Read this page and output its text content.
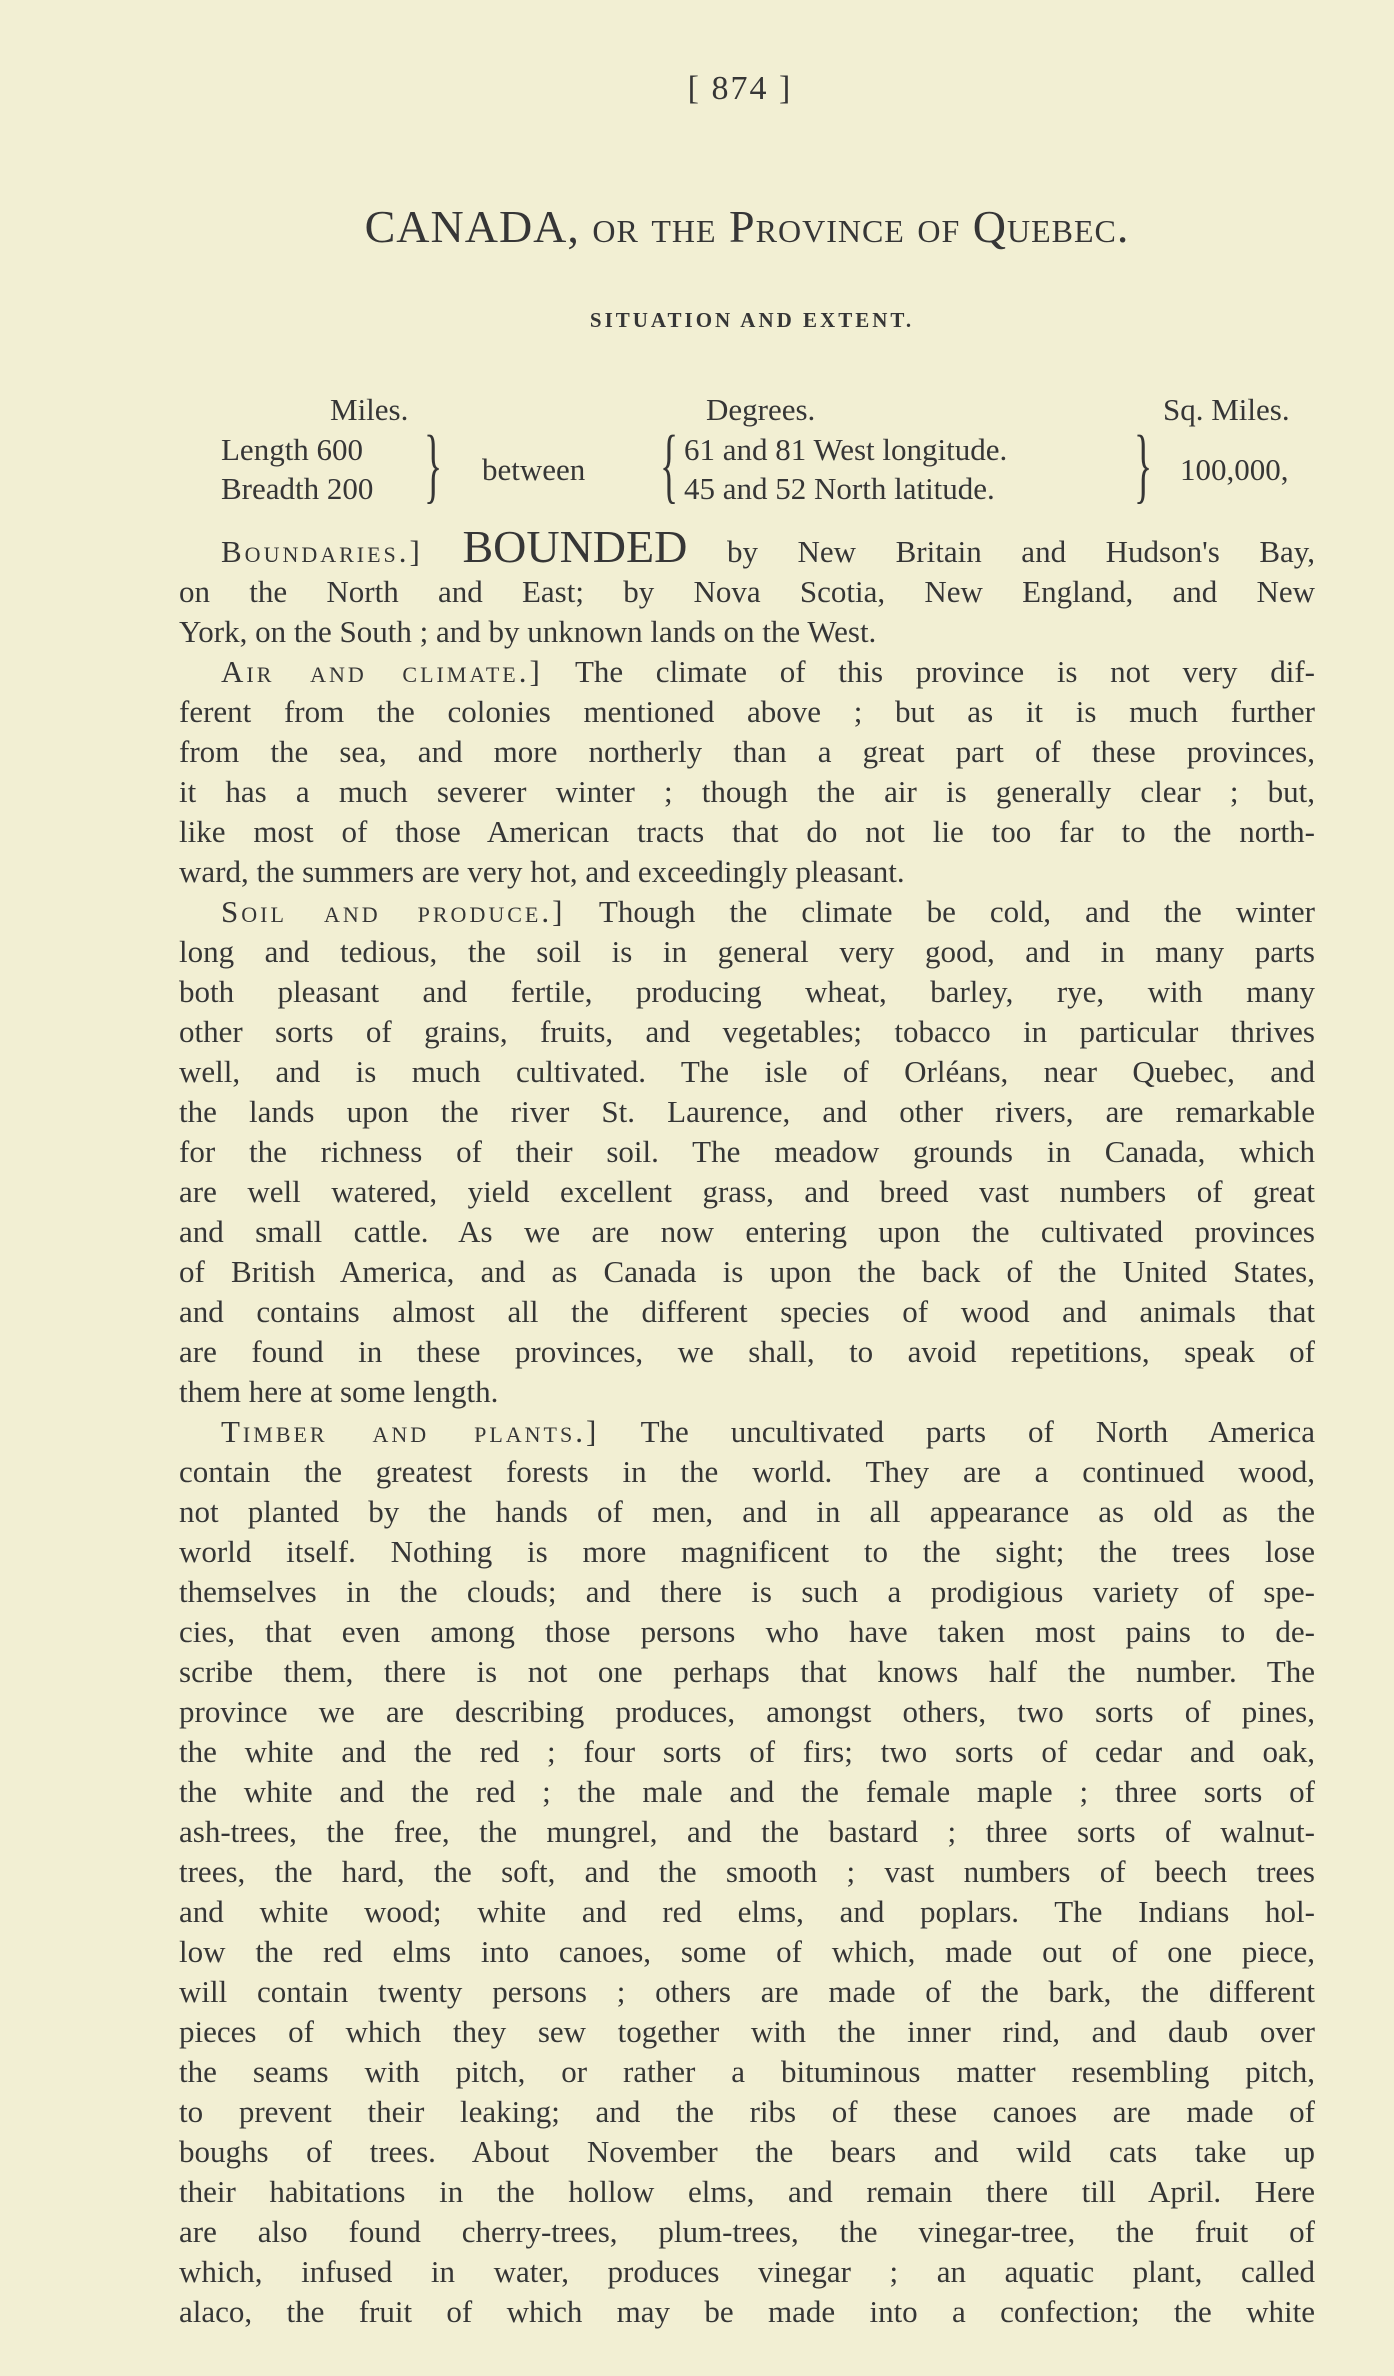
[ 874 ]
CANADA, or the Province of Quebec.
SITUATION AND EXTENT.
Miles.	Degrees.	Sq. Miles.
Length 600
Breadth 200 } between { 61 and 81 West longitude.
45 and 52 North latitude. } 100,000,
Boundaries.] BOUNDED by New Britain and Hudson's Bay,
on the North and East; by Nova Scotia, New England, and New
York, on the South ; and by unknown lands on the West.
Air and climate.] The climate of this province is not very dif-
ferent from the colonies mentioned above ; but as it is much further
from the sea, and more northerly than a great part of these provinces,
it has a much severer winter ; though the air is generally clear ; but,
like most of those American tracts that do not lie too far to the north-
ward, the summers are very hot, and exceedingly pleasant.
Soil and produce.] Though the climate be cold, and the winter
long and tedious, the soil is in general very good, and in many parts
both pleasant and fertile, producing wheat, barley, rye, with many
other sorts of grains, fruits, and vegetables; tobacco in particular thrives
well, and is much cultivated. The isle of Orléans, near Quebec, and
the lands upon the river St. Laurence, and other rivers, are remarkable
for the richness of their soil. The meadow grounds in Canada, which
are well watered, yield excellent grass, and breed vast numbers of great
and small cattle. As we are now entering upon the cultivated provinces
of British America, and as Canada is upon the back of the United States,
and contains almost all the different species of wood and animals that
are found in these provinces, we shall, to avoid repetitions, speak of
them here at some length.
Timber and plants.] The uncultivated parts of North America
contain the greatest forests in the world. They are a continued wood,
not planted by the hands of men, and in all appearance as old as the
world itself. Nothing is more magnificent to the sight; the trees lose
themselves in the clouds; and there is such a prodigious variety of spe-
cies, that even among those persons who have taken most pains to de-
scribe them, there is not one perhaps that knows half the number. The
province we are describing produces, amongst others, two sorts of pines,
the white and the red ; four sorts of firs; two sorts of cedar and oak,
the white and the red ; the male and the female maple ; three sorts of
ash-trees, the free, the mungrel, and the bastard ; three sorts of walnut-
trees, the hard, the soft, and the smooth ; vast numbers of beech trees
and white wood; white and red elms, and poplars. The Indians hol-
low the red elms into canoes, some of which, made out of one piece,
will contain twenty persons ; others are made of the bark, the different
pieces of which they sew together with the inner rind, and daub over
the seams with pitch, or rather a bituminous matter resembling pitch,
to prevent their leaking; and the ribs of these canoes are made of
boughs of trees. About November the bears and wild cats take up
their habitations in the hollow elms, and remain there till April. Here
are also found cherry-trees, plum-trees, the vinegar-tree, the fruit of
which, infused in water, produces vinegar ; an aquatic plant, called
alaco, the fruit of which may be made into a confection; the white
